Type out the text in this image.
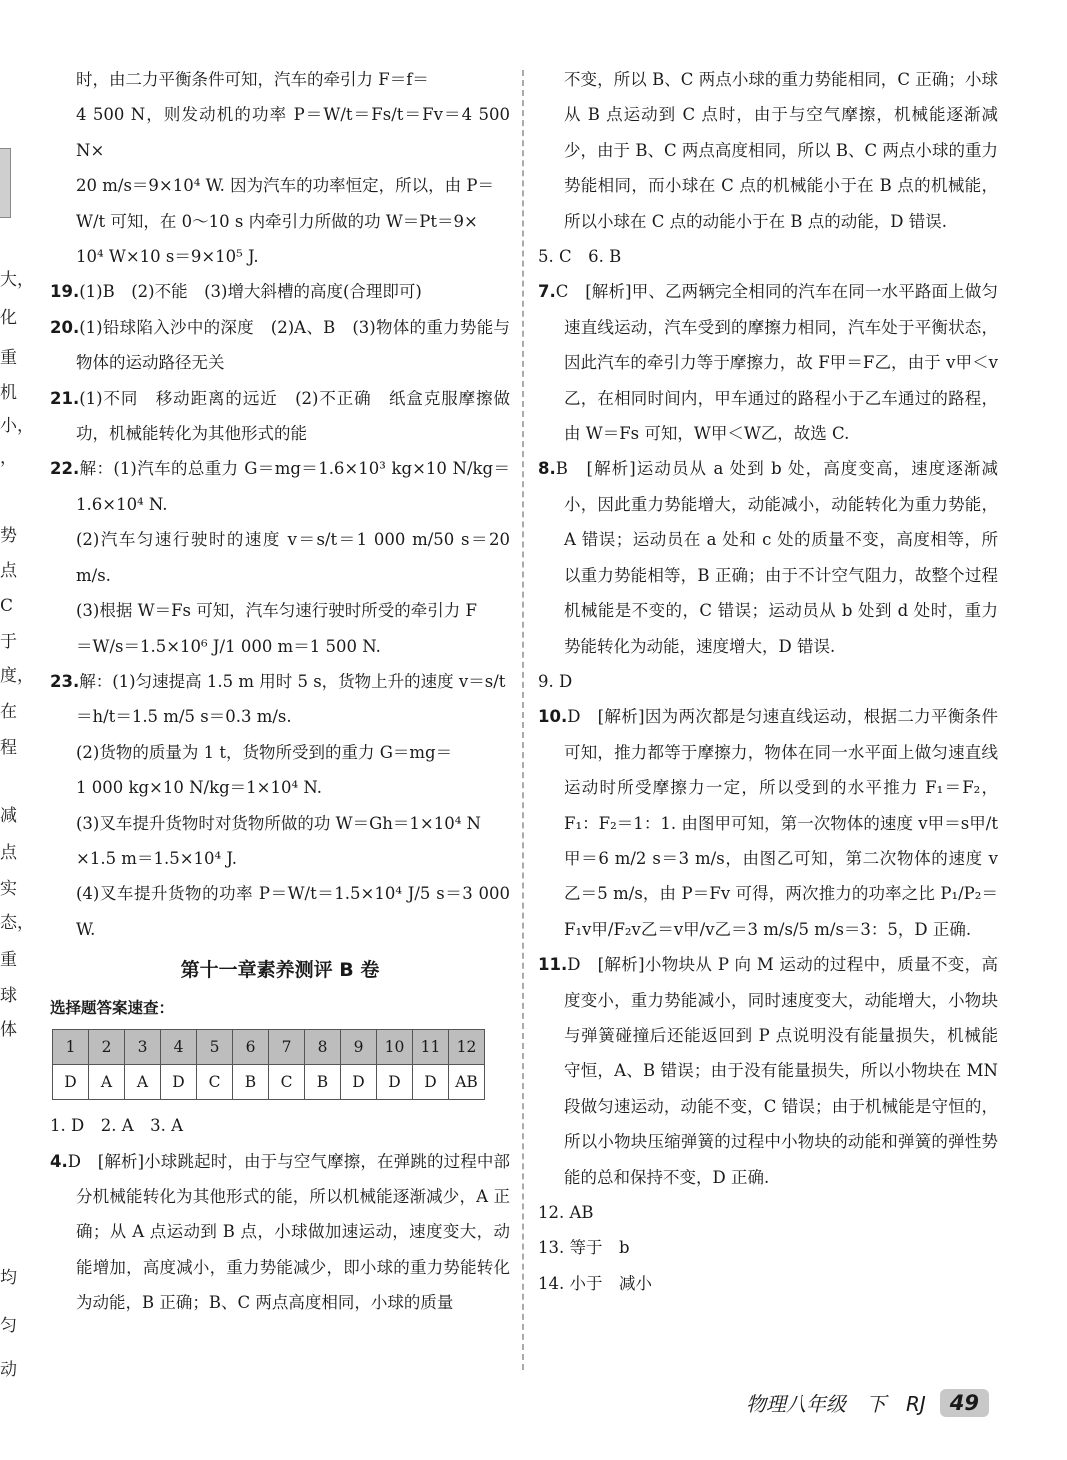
大，
化
重
机
小，
，
势
点
C
于
度，
在
程
减
点
实
态，
重
球
体
均
匀
动

时，由二力平衡条件可知，汽车的牵引力 F＝f＝

4 500 N，则发动机的功率 P＝W/t＝Fs/t＝Fv＝4 500 N×

20 m/s＝9×10⁴ W. 因为汽车的功率恒定，所以，由 P＝

W/t 可知，在 0～10 s 内牵引力所做的功 W＝Pt＝9×

10⁴ W×10 s＝9×10⁵ J.

19.(1)B　(2)不能　(3)增大斜槽的高度(合理即可)

20.(1)铅球陷入沙中的深度　(2)A、B　(3)物体的重力势能与物体的运动路径无关

21.(1)不同　移动距离的远近　(2)不正确　纸盒克服摩擦做功，机械能转化为其他形式的能

22.解：(1)汽车的总重力 G＝mg＝1.6×10³ kg×10 N/kg＝1.6×10⁴ N.

(2)汽车匀速行驶时的速度 v＝s/t＝1 000 m/50 s＝20 m/s.

(3)根据 W＝Fs 可知，汽车匀速行驶时所受的牵引力 F

＝W/s＝1.5×10⁶ J/1 000 m＝1 500 N.

23.解：(1)匀速提高 1.5 m 用时 5 s，货物上升的速度 v＝s/t

＝h/t＝1.5 m/5 s＝0.3 m/s.

(2)货物的质量为 1 t，货物所受到的重力 G＝mg＝

1 000 kg×10 N/kg＝1×10⁴ N.

(3)叉车提升货物时对货物所做的功 W＝Gh＝1×10⁴ N

×1.5 m＝1.5×10⁴ J.

(4)叉车提升货物的功率 P＝W/t＝1.5×10⁴ J/5 s＝3 000 W.

第十一章素养测评 B 卷

选择题答案速查：

1	2	3	4	5	6	7	8	9	10	11	12
D	A	A	D	C	B	C	B	D	D	D	AB

1. D　2. A　3. A

4.D　[解析]小球跳起时，由于与空气摩擦，在弹跳的过程中部分机械能转化为其他形式的能，所以机械能逐渐减少，A 正确；从 A 点运动到 B 点，小球做加速运动，速度变大，动能增加，高度减小，重力势能减少，即小球的重力势能转化为动能，B 正确；B、C 两点高度相同，小球的质量

不变，所以 B、C 两点小球的重力势能相同，C 正确；小球从 B 点运动到 C 点时，由于与空气摩擦，机械能逐渐减少，由于 B、C 两点高度相同，所以 B、C 两点小球的重力势能相同，而小球在 C 点的机械能小于在 B 点的机械能，所以小球在 C 点的动能小于在 B 点的动能，D 错误.

5. C　6. B

7.C　[解析]甲、乙两辆完全相同的汽车在同一水平路面上做匀速直线运动，汽车受到的摩擦力相同，汽车处于平衡状态，因此汽车的牵引力等于摩擦力，故 F甲＝F乙，由于 v甲＜v乙，在相同时间内，甲车通过的路程小于乙车通过的路程，由 W＝Fs 可知，W甲＜W乙，故选 C.

8.B　[解析]运动员从 a 处到 b 处，高度变高，速度逐渐减小，因此重力势能增大，动能减小，动能转化为重力势能，A 错误；运动员在 a 处和 c 处的质量不变，高度相等，所以重力势能相等，B 正确；由于不计空气阻力，故整个过程机械能是不变的，C 错误；运动员从 b 处到 d 处时，重力势能转化为动能，速度增大，D 错误.

9. D

10.D　[解析]因为两次都是匀速直线运动，根据二力平衡条件可知，推力都等于摩擦力，物体在同一水平面上做匀速直线运动时所受摩擦力一定，所以受到的水平推力 F₁＝F₂，F₁：F₂＝1：1. 由图甲可知，第一次物体的速度 v甲＝s甲/t甲＝6 m/2 s＝3 m/s，由图乙可知，第二次物体的速度 v乙＝5 m/s，由 P＝Fv 可得，两次推力的功率之比 P₁/P₂＝F₁v甲/F₂v乙＝v甲/v乙＝3 m/s/5 m/s＝3：5，D 正确.

11.D　[解析]小物块从 P 向 M 运动的过程中，质量不变，高度变小，重力势能减小，同时速度变大，动能增大，小物块与弹簧碰撞后还能返回到 P 点说明没有能量损失，机械能守恒，A、B 错误；由于没有能量损失，所以小物块在 MN 段做匀速运动，动能不变，C 错误；由于机械能是守恒的，所以小物块压缩弹簧的过程中小物块的动能和弹簧的弹性势能的总和保持不变，D 正确.

12. AB

13. 等于　b

14. 小于　减小

物理八年级　下　RJ	49
